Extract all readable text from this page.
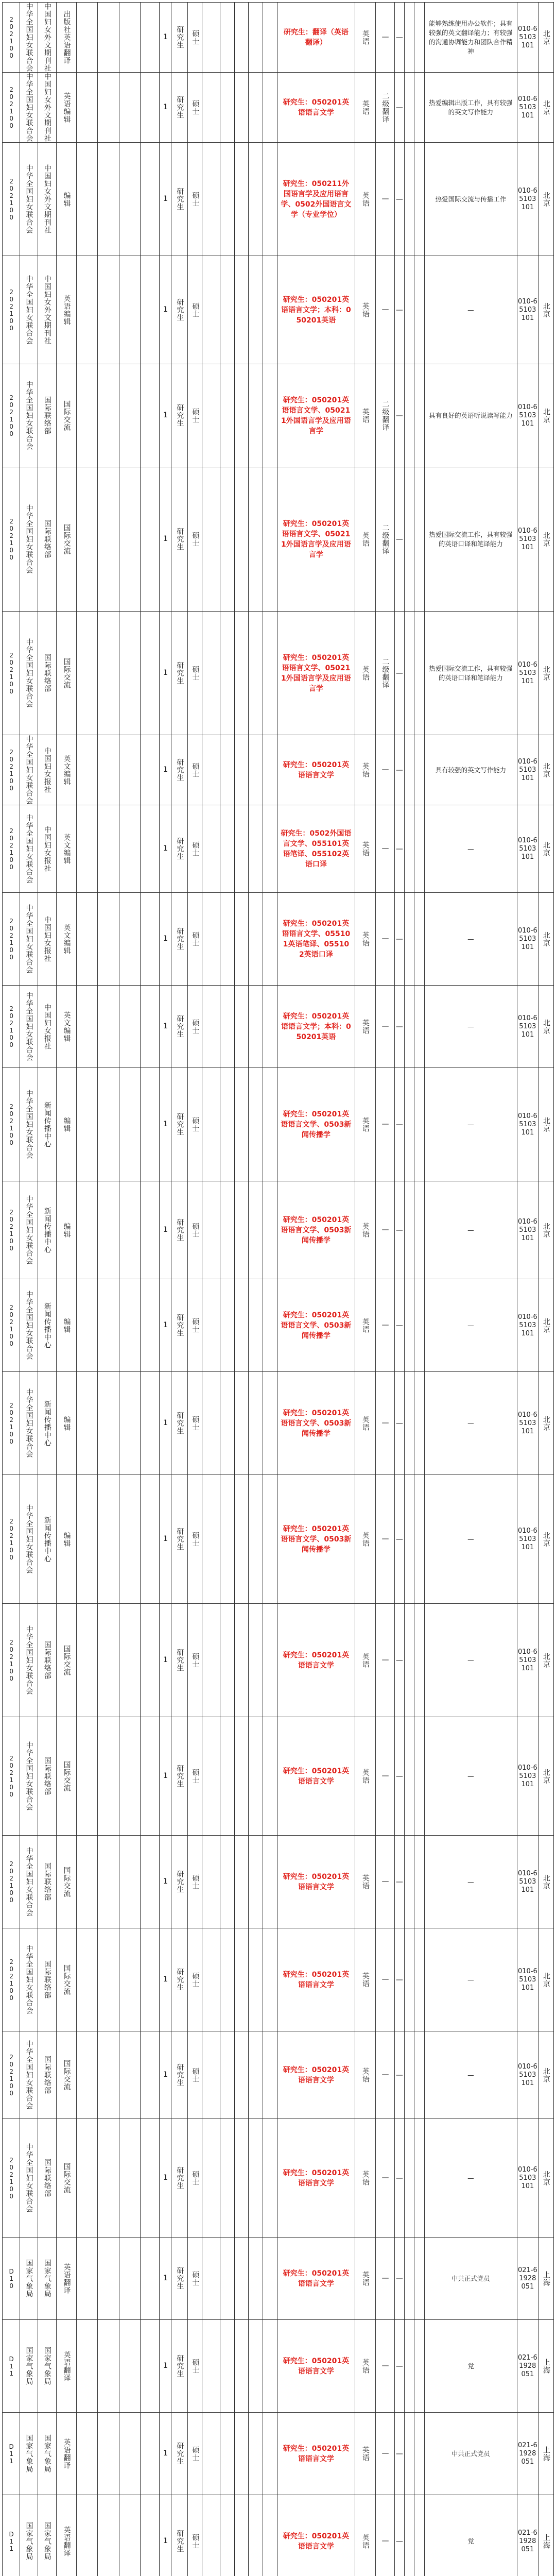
202100	中华全国妇女联合会	中国妇女外文期刊社	出版社英语翻译					1	研究生	硕士						研究生：翻译（英语翻译）	英语	—	—			能够熟练使用办公软件；具有较强的英文翻译能力；有较强的沟通协调能力和团队合作精神	010-65103101	北京

202100	中华全国妇女联合会	中国妇女外文期刊社	英语编辑					1	研究生	硕士						研究生：050201英语语言文学	英语	二级翻译	—			热爱编辑出版工作，具有较强的英文写作能力	010-65103101	北京

202100	中华全国妇女联合会	中国妇女外文期刊社	编辑					1	研究生	硕士						研究生：050211外国语言学及应用语言学、0502外国语言文学（专业学位）	英语	—	—			热爱国际交流与传播工作	010-65103101	北京

202100	中华全国妇女联合会	中国妇女外文期刊社	英语编辑					1	研究生	硕士						研究生：050201英语语言文学；本科：050201英语	英语	—	—			—	010-65103101	北京

202100	中华全国妇女联合会	国际联络部	国际交流					1	研究生	硕士						研究生：050201英语语言文学、050211外国语言学及应用语言学	英语	二级翻译	—			具有良好的英语听说读写能力	010-65103101	北京

202100	中华全国妇女联合会	国际联络部	国际交流					1	研究生	硕士						研究生：050201英语语言文学、050211外国语言学及应用语言学	英语	二级翻译	—			热爱国际交流工作，具有较强的英语口译和笔译能力	010-65103101	北京

202100	中华全国妇女联合会	国际联络部	国际交流					1	研究生	硕士						研究生：050201英语语言文学、050211外国语言学及应用语言学	英语	二级翻译	—			热爱国际交流工作，具有较强的英语口译和笔译能力	010-65103101	北京

202100	中华全国妇女联合会	中国妇女报社	英文编辑					1	研究生	硕士						研究生：050201英语语言文学	英语	—	—			具有较强的英文写作能力	010-65103101	北京

202100	中华全国妇女联合会	中国妇女报社	英文编辑					1	研究生	硕士						研究生：0502外国语言文学、055101英语笔译、055102英语口译	英语	—	—			—	010-65103101	北京

202100	中华全国妇女联合会	中国妇女报社	英文编辑					1	研究生	硕士						研究生：050201英语语言文学、055101英语笔译、055102英语口译	英语	—	—			—	010-65103101	北京

202100	中华全国妇女联合会	中国妇女报社	英文编辑					1	研究生	硕士						研究生：050201英语语言文学；本科：050201英语	英语	—	—			—	010-65103101	北京

202100	中华全国妇女联合会	新闻传播中心	编辑					1	研究生	硕士						研究生：050201英语语言文学、0503新闻传播学	英语	—	—			—	010-65103101	北京

202100	中华全国妇女联合会	新闻传播中心	编辑					1	研究生	硕士						研究生：050201英语语言文学、0503新闻传播学	英语	—	—			—	010-65103101	北京

202100	中华全国妇女联合会	新闻传播中心	编辑					1	研究生	硕士						研究生：050201英语语言文学、0503新闻传播学	英语	—	—			—	010-65103101	北京

202100	中华全国妇女联合会	新闻传播中心	编辑					1	研究生	硕士						研究生：050201英语语言文学、0503新闻传播学	英语	—	—			—	010-65103101	北京

202100	中华全国妇女联合会	新闻传播中心	编辑					1	研究生	硕士						研究生：050201英语语言文学、0503新闻传播学	英语	—	—			—	010-65103101	北京

202100	中华全国妇女联合会	国际联络部	国际交流					1	研究生	硕士						研究生：050201英语语言文学	英语	—	—			—	010-65103101	北京

202100	中华全国妇女联合会	国际联络部	国际交流					1	研究生	硕士						研究生：050201英语语言文学	英语	—	—			—	010-65103101	北京

202100	中华全国妇女联合会	国际联络部	国际交流					1	研究生	硕士						研究生：050201英语语言文学	英语	—	—			—	010-65103101	北京

202100	中华全国妇女联合会	国际联络部	国际交流					1	研究生	硕士						研究生：050201英语语言文学	英语	—	—			—	010-65103101	北京

202100	中华全国妇女联合会	国际联络部	国际交流					1	研究生	硕士						研究生：050201英语语言文学	英语	—	—			—	010-65103101	北京

202100	中华全国妇女联合会	国际联络部	国际交流					1	研究生	硕士						研究生：050201英语语言文学	英语	—	—			—	010-65103101	北京

D10	国家气象局	国家气象局	英语翻译					1	研究生	硕士						研究生：050201英语语言文学	英语	—	—			中共正式党员	021-61928051	上海

D11	国家气象局	国家气象局	英语翻译					1	研究生	硕士						研究生：050201英语语言文学	英语	—	—			党	021-61928051	上海

D11	国家气象局	国家气象局	英语翻译					1	研究生	硕士						研究生：050201英语语言文学	英语	—	—			中共正式党员	021-61928051	上海

D11	国家气象局	国家气象局	英语翻译					1	研究生	硕士						研究生：050201英语语言文学	英语	—	—			党	021-61928051	上海
